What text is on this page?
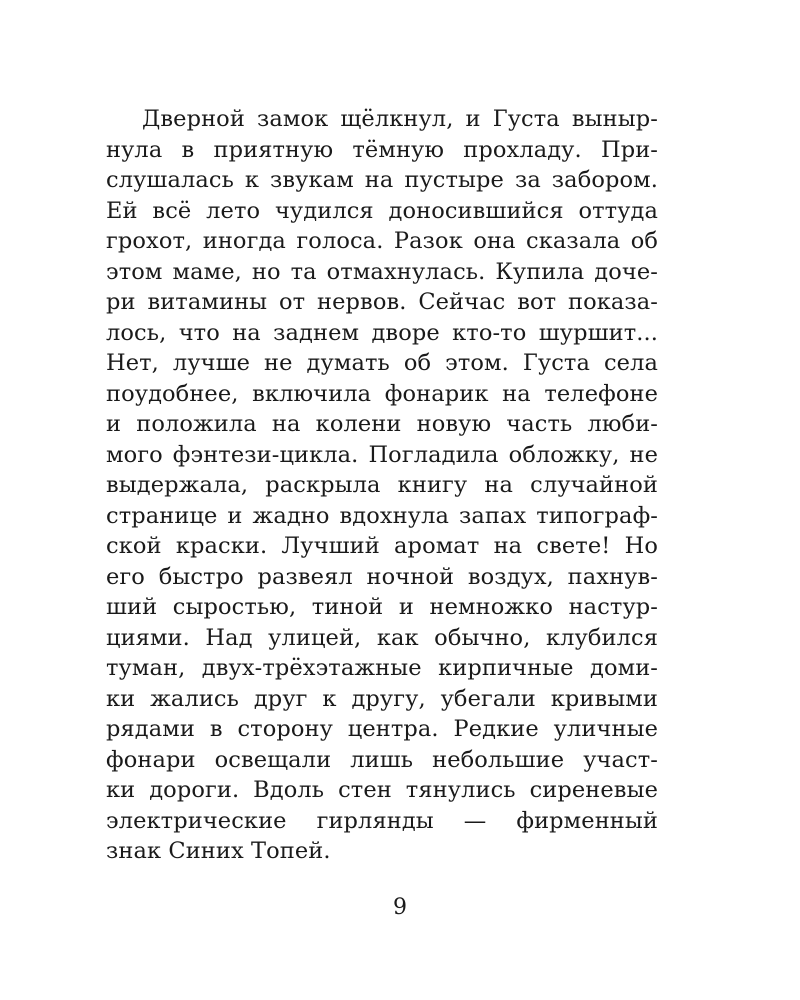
Дверной замок щёлкнул, и Густа выныр-
нула в приятную тёмную прохладу. При-
слушалась к звукам на пустыре за забором.
Ей всё лето чудился доносившийся оттуда
грохот, иногда голоса. Разок она сказала об
этом маме, но та отмахнулась. Купила доче-
ри витамины от нервов. Сейчас вот показа-
лось, что на заднем дворе кто-то шуршит...
Нет, лучше не думать об этом. Густа села
поудобнее, включила фонарик на телефоне
и положила на колени новую часть люби-
мого фэнтези-цикла. Погладила обложку, не
выдержала, раскрыла книгу на случайной
странице и жадно вдохнула запах типограф-
ской краски. Лучший аромат на свете! Но
его быстро развеял ночной воздух, пахнув-
ший сыростью, тиной и немножко настур-
циями. Над улицей, как обычно, клубился
туман, двух-трёхэтажные кирпичные доми-
ки жались друг к другу, убегали кривыми
рядами в сторону центра. Редкие уличные
фонари освещали лишь небольшие участ-
ки дороги. Вдоль стен тянулись сиреневые
электрические гирлянды — фирменный
знак Синих Топей.
9
